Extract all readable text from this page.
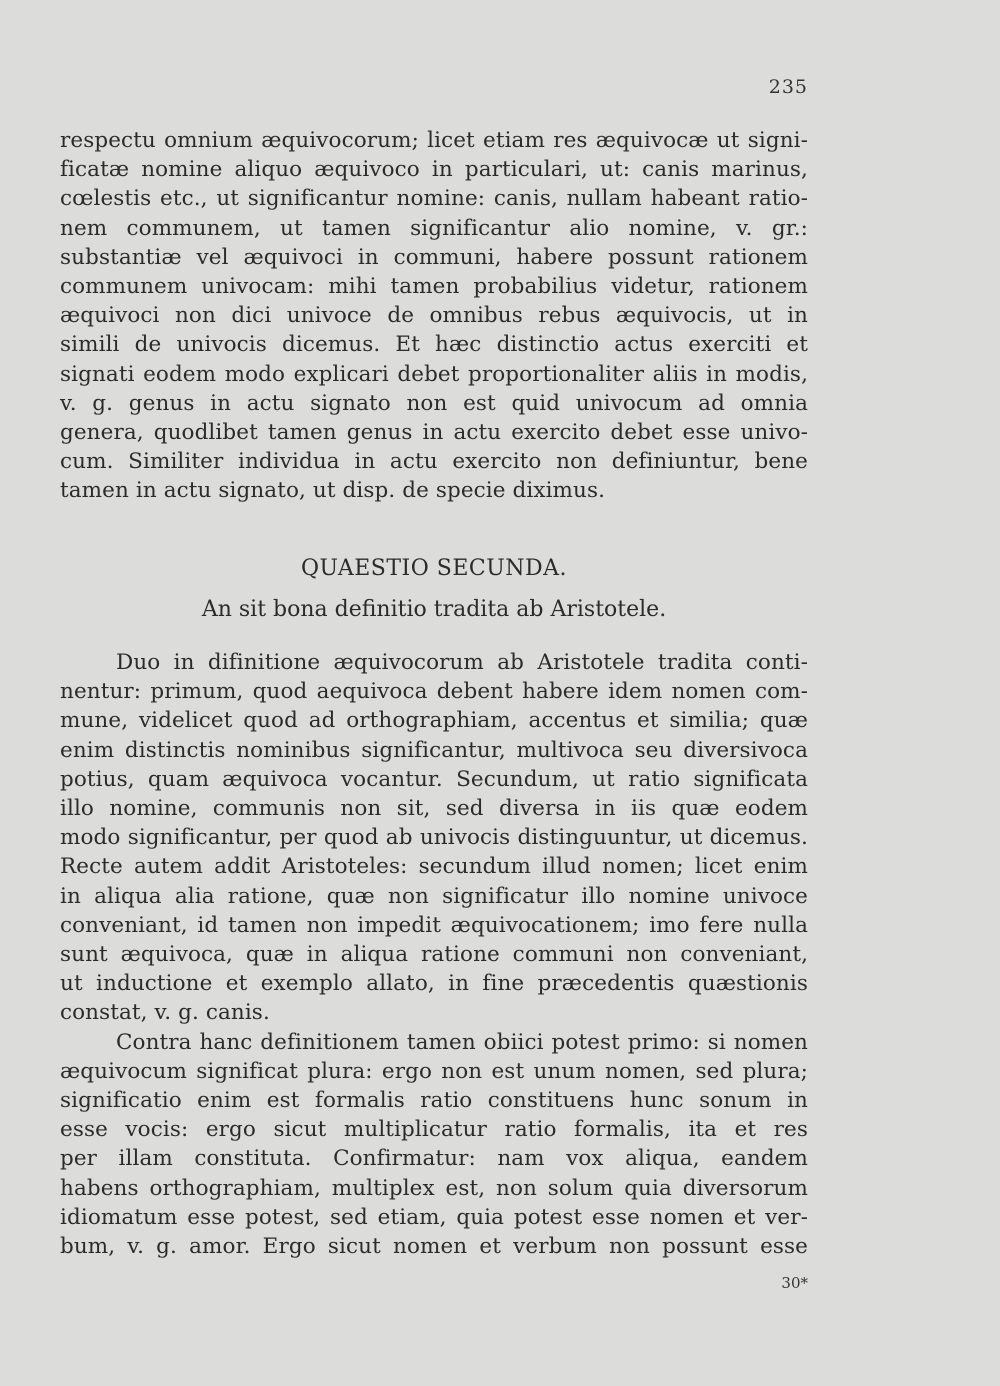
235
respectu omnium æquivocorum; licet etiam res æquivocæ ut signi-
ficatæ nomine aliquo æquivoco in particulari, ut: canis marinus,
cœlestis etc., ut significantur nomine: canis, nullam habeant ratio-
nem communem, ut tamen significantur alio nomine, v. gr.:
substantiæ vel æquivoci in communi, habere possunt rationem
communem univocam: mihi tamen probabilius videtur, rationem
æquivoci non dici univoce de omnibus rebus æquivocis, ut in
simili de univocis dicemus. Et hæc distinctio actus exerciti et
signati eodem modo explicari debet proportionaliter aliis in modis,
v. g. genus in actu signato non est quid univocum ad omnia
genera, quodlibet tamen genus in actu exercito debet esse univo-
cum. Similiter individua in actu exercito non definiuntur, bene
tamen in actu signato, ut disp. de specie diximus.
QUAESTIO SECUNDA.
An sit bona definitio tradita ab Aristotele.
Duo in difinitione æquivocorum ab Aristotele tradita conti-
nentur: primum, quod aequivoca debent habere idem nomen com-
mune, videlicet quod ad orthographiam, accentus et similia; quæ
enim distinctis nominibus significantur, multivoca seu diversivoca
potius, quam æquivoca vocantur. Secundum, ut ratio significata
illo nomine, communis non sit, sed diversa in iis quæ eodem
modo significantur, per quod ab univocis distinguuntur, ut dicemus.
Recte autem addit Aristoteles: secundum illud nomen; licet enim
in aliqua alia ratione, quæ non significatur illo nomine univoce
conveniant, id tamen non impedit æquivocationem; imo fere nulla
sunt æquivoca, quæ in aliqua ratione communi non conveniant,
ut inductione et exemplo allato, in fine præcedentis quæstionis
constat, v. g. canis.
Contra hanc definitionem tamen obiici potest primo: si nomen
æquivocum significat plura: ergo non est unum nomen, sed plura;
significatio enim est formalis ratio constituens hunc sonum in
esse vocis: ergo sicut multiplicatur ratio formalis, ita et res
per illam constituta. Confirmatur: nam vox aliqua, eandem
habens orthographiam, multiplex est, non solum quia diversorum
idiomatum esse potest, sed etiam, quia potest esse nomen et ver-
bum, v. g. amor. Ergo sicut nomen et verbum non possunt esse
30*
